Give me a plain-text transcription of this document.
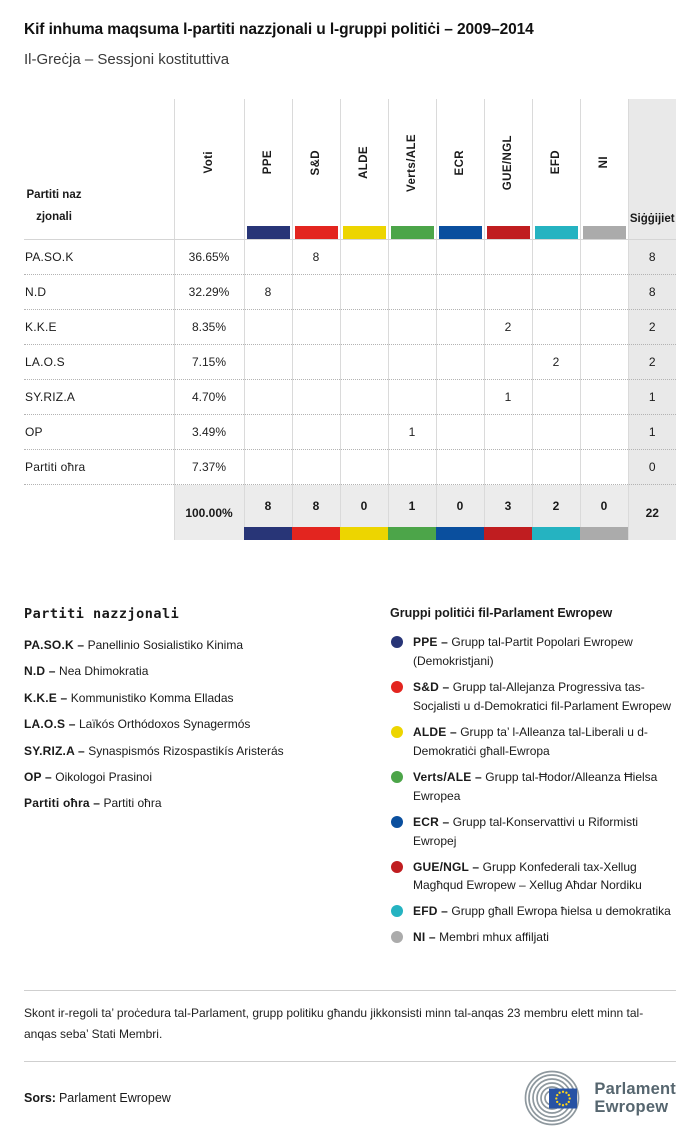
Kif inhuma maqsuma l-partiti nazzjonali u l-gruppi politiċi – 2009–2014
Il-Greċja – Sessjoni kostituttiva
Partiti nazzjonali	Voti	PPE	S&D	ALDE	Verts/ALE	ECR	GUE/NGL	EFD	NI	Siġġijiet

PA.SO.K	36.65%		8							8
N.D	32.29%	8								8
K.K.E	8.35%						2			2
LA.O.S	7.15%							2		2
SY.RIZ.A	4.70%						1			1
OP	3.49%				1					1
Partiti oħra	7.37%									0
	100.00%	8	8	0	1	0	3	2	0	22

Partiti nazzjonali

PA.SO.K – Panellinio Sosialistiko Kinima

N.D – Nea Dhimokratia

K.K.E – Kommunistiko Komma Elladas

LA.O.S – Laïkós Orthódoxos Synagermós

SY.RIZ.A – Synaspismós Rizospastikís Aristerás

OP – Oikologoi Prasinoi

Partiti oħra – Partiti oħra

Gruppi politiċi fil-Parlament Ewropew
PPE – Grupp tal-Partit Popolari Ewropew (Demokristjani)
S&D – Grupp tal-Allejanza Progressiva tas-Socjalisti u d-Demokratici fil-Parlament Ewropew
ALDE – Grupp ta’ l-Alleanza tal-Liberali u d-Demokratiċi għall-Ewropa
Verts/ALE – Grupp tal-Ħodor/Alleanza Ħielsa Ewropea
ECR – Grupp tal-Konservattivi u Riformisti Ewropej
GUE/NGL – Grupp Konfederali tax-Xellug Magħqud Ewropew – Xellug Aħdar Nordiku
EFD – Grupp għall Ewropa ħielsa u demokratika
NI – Membri mhux affiljati

Skont ir-regoli ta’ proċedura tal-Parlament, grupp politiku għandu jikkonsisti minn tal-anqas 23 membru elett minn tal-anqas seba’ Stati Membri.

Sors: Parlament Ewropew
Parlament
Ewropew
